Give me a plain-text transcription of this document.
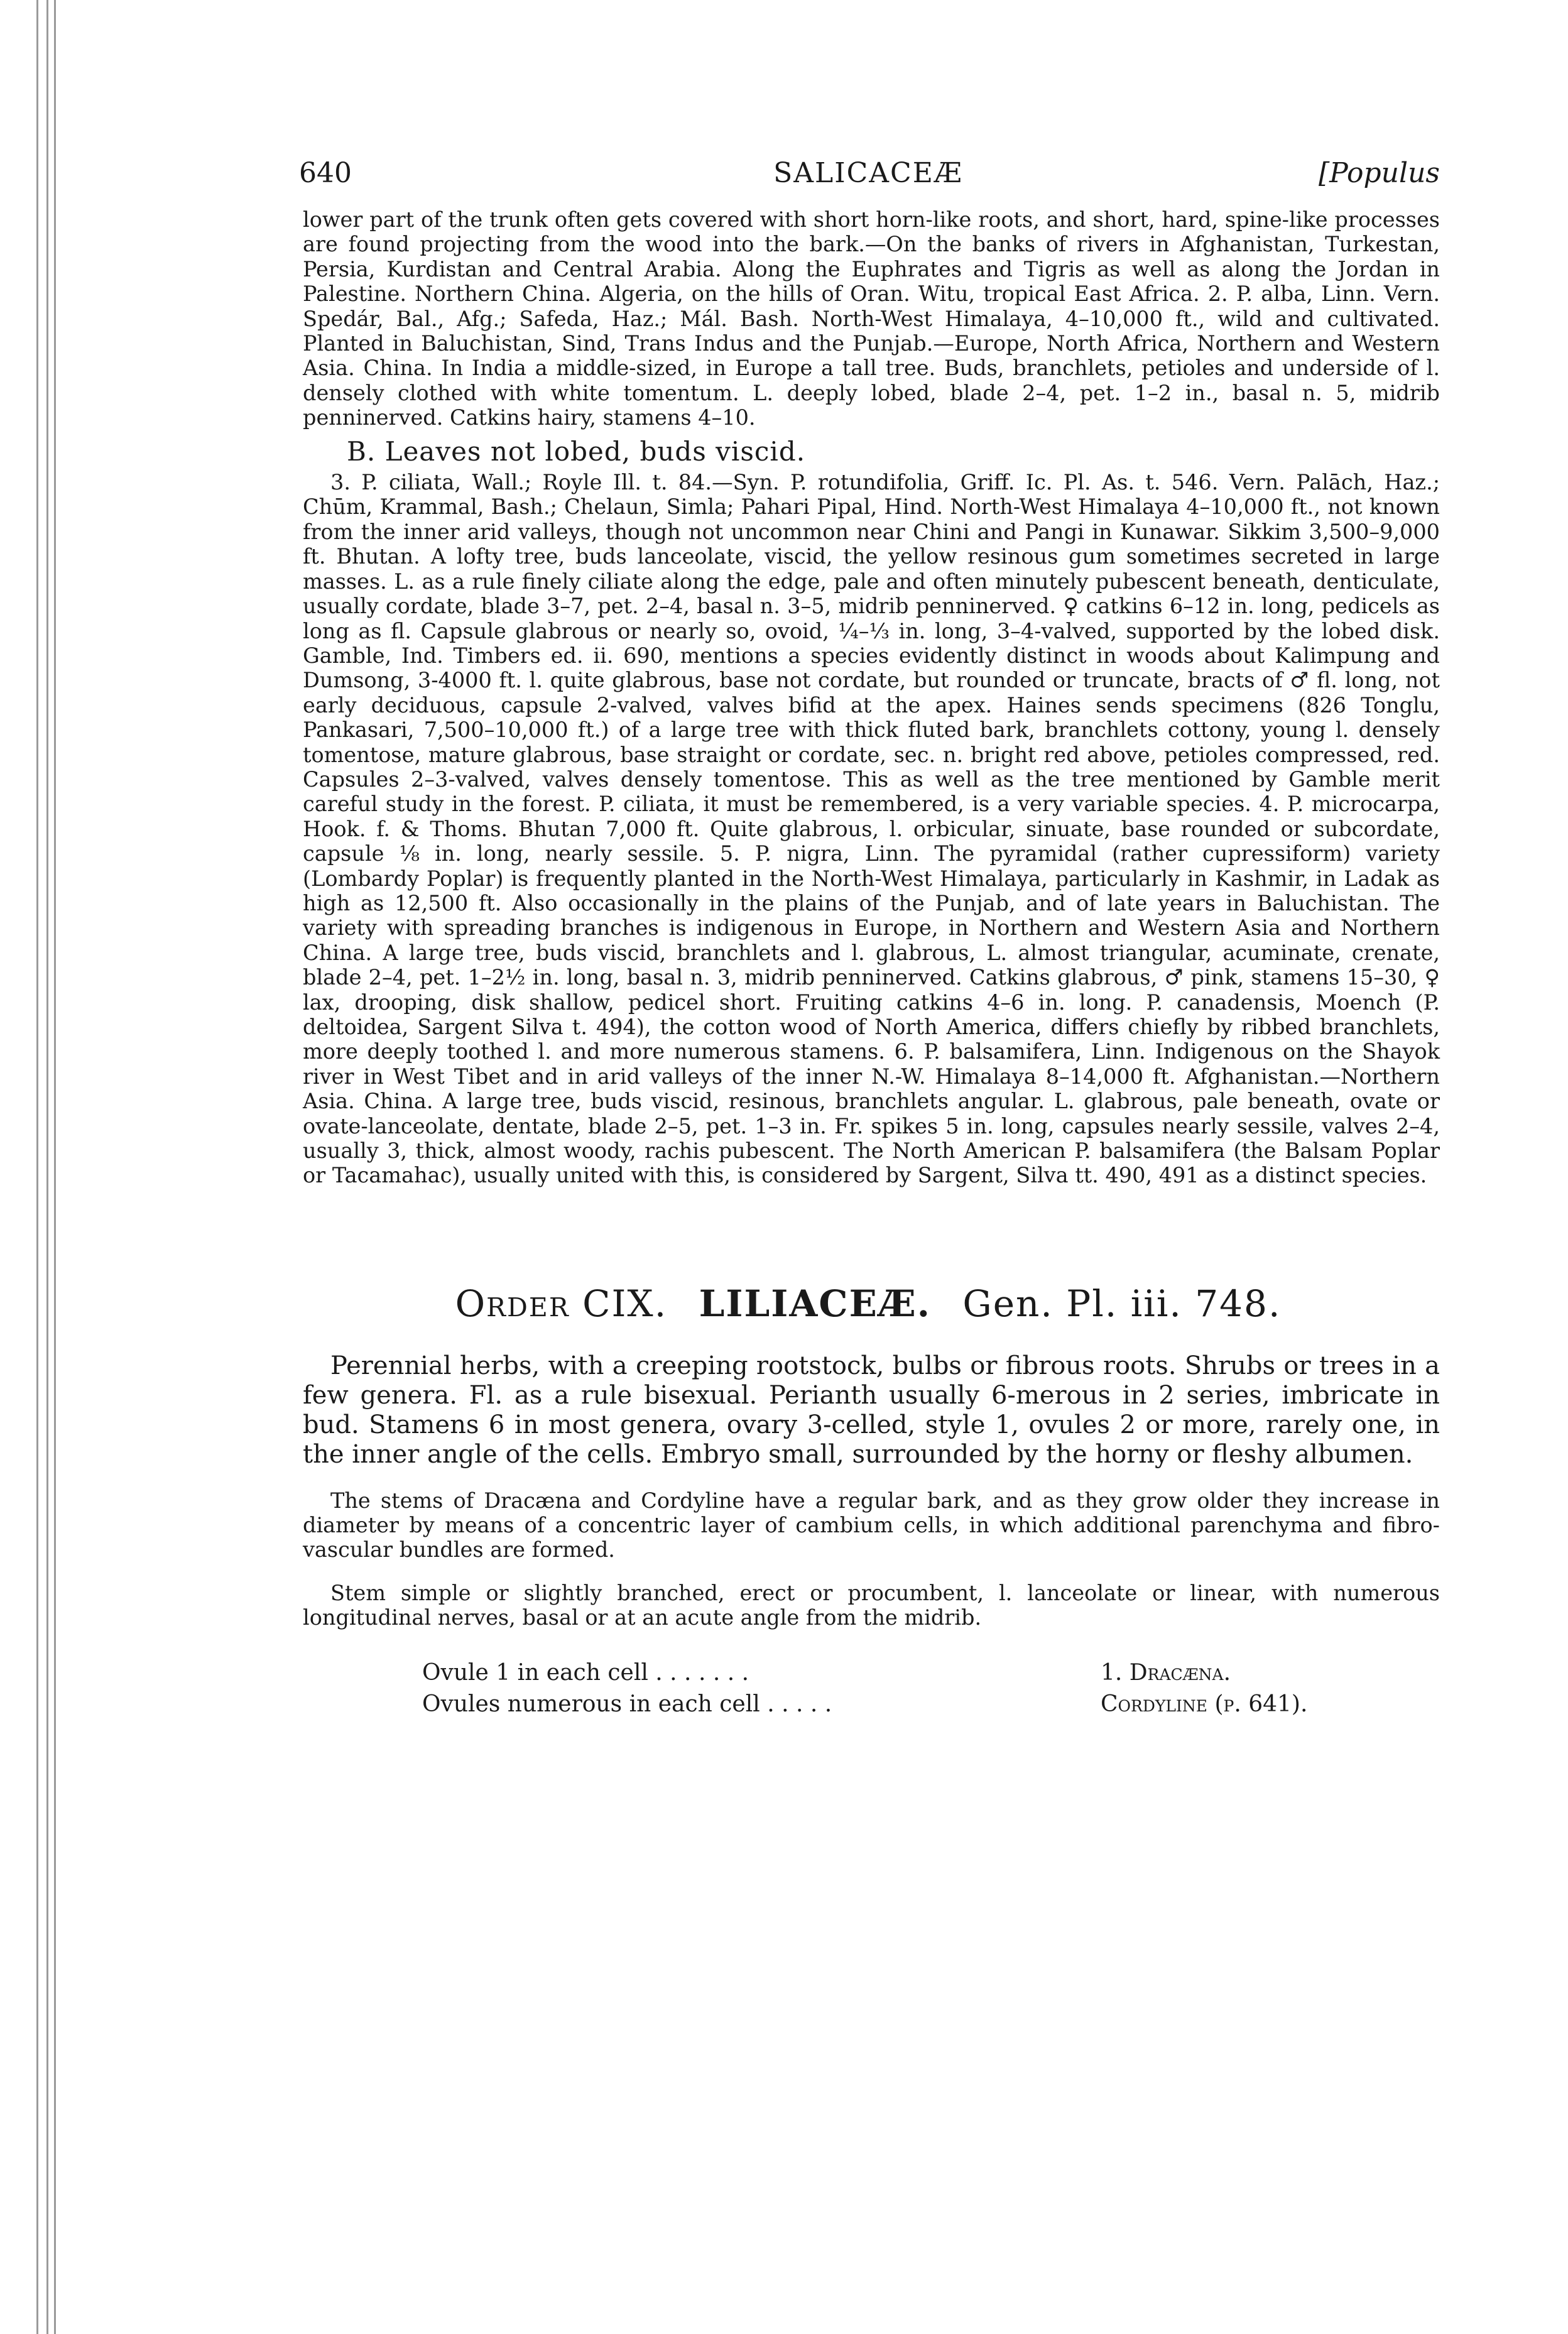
640	SALICACEÆ	[Populus

lower part of the trunk often gets covered with short horn-like roots, and short, hard, spine-like processes are found projecting from the wood into the bark.—On the banks of rivers in Afghanistan, Turkestan, Persia, Kurdistan and Central Arabia. Along the Euphrates and Tigris as well as along the Jordan in Palestine. Northern China. Algeria, on the hills of Oran. Witu, tropical East Africa. 2. P. alba, Linn. Vern. Spedár, Bal., Afg.; Safeda, Haz.; Mál. Bash. North-West Himalaya, 4–10,000 ft., wild and cultivated. Planted in Baluchistan, Sind, Trans Indus and the Punjab.—Europe, North Africa, Northern and Western Asia. China. In India a middle-sized, in Europe a tall tree. Buds, branchlets, petioles and underside of l. densely clothed with white tomentum. L. deeply lobed, blade 2–4, pet. 1–2 in., basal n. 5, midrib penninerved. Catkins hairy, stamens 4–10.

B. Leaves not lobed, buds viscid.

3. P. ciliata, Wall.; Royle Ill. t. 84.—Syn. P. rotundifolia, Griff. Ic. Pl. As. t. 546. Vern. Palāch, Haz.; Chūm, Krammal, Bash.; Chelaun, Simla; Pahari Pipal, Hind. North-West Himalaya 4–10,000 ft., not known from the inner arid valleys, though not uncommon near Chini and Pangi in Kunawar. Sikkim 3,500–9,000 ft. Bhutan. A lofty tree, buds lanceolate, viscid, the yellow resinous gum sometimes secreted in large masses. L. as a rule finely ciliate along the edge, pale and often minutely pubescent beneath, denticulate, usually cordate, blade 3–7, pet. 2–4, basal n. 3–5, midrib penninerved. ♀ catkins 6–12 in. long, pedicels as long as fl. Capsule glabrous or nearly so, ovoid, ¼–⅓ in. long, 3–4-valved, supported by the lobed disk. Gamble, Ind. Timbers ed. ii. 690, mentions a species evidently distinct in woods about Kalimpung and Dumsong, 3-4000 ft. l. quite glabrous, base not cordate, but rounded or truncate, bracts of ♂ fl. long, not early deciduous, capsule 2-valved, valves bifid at the apex. Haines sends specimens (826 Tonglu, Pankasari, 7,500–10,000 ft.) of a large tree with thick fluted bark, branchlets cottony, young l. densely tomentose, mature glabrous, base straight or cordate, sec. n. bright red above, petioles compressed, red. Capsules 2–3-valved, valves densely tomentose. This as well as the tree mentioned by Gamble merit careful study in the forest. P. ciliata, it must be remembered, is a very variable species. 4. P. microcarpa, Hook. f. & Thoms. Bhutan 7,000 ft. Quite glabrous, l. orbicular, sinuate, base rounded or subcordate, capsule ⅛ in. long, nearly sessile. 5. P. nigra, Linn. The pyramidal (rather cupressiform) variety (Lombardy Poplar) is frequently planted in the North-West Himalaya, particularly in Kashmir, in Ladak as high as 12,500 ft. Also occasionally in the plains of the Punjab, and of late years in Baluchistan. The variety with spreading branches is indigenous in Europe, in Northern and Western Asia and Northern China. A large tree, buds viscid, branchlets and l. glabrous, L. almost triangular, acuminate, crenate, blade 2–4, pet. 1–2½ in. long, basal n. 3, midrib penninerved. Catkins glabrous, ♂ pink, stamens 15–30, ♀ lax, drooping, disk shallow, pedicel short. Fruiting catkins 4–6 in. long. P. canadensis, Moench (P. deltoidea, Sargent Silva t. 494), the cotton wood of North America, differs chiefly by ribbed branchlets, more deeply toothed l. and more numerous stamens. 6. P. balsamifera, Linn. Indigenous on the Shayok river in West Tibet and in arid valleys of the inner N.-W. Himalaya 8–14,000 ft. Afghanistan.—Northern Asia. China. A large tree, buds viscid, resinous, branchlets angular. L. glabrous, pale beneath, ovate or ovate-lanceolate, dentate, blade 2–5, pet. 1–3 in. Fr. spikes 5 in. long, capsules nearly sessile, valves 2–4, usually 3, thick, almost woody, rachis pubescent. The North American P. balsamifera (the Balsam Poplar or Tacamahac), usually united with this, is considered by Sargent, Silva tt. 490, 491 as a distinct species.

Order CIX. LILIACEÆ. Gen. Pl. iii. 748.

Perennial herbs, with a creeping rootstock, bulbs or fibrous roots. Shrubs or trees in a few genera. Fl. as a rule bisexual. Perianth usually 6-merous in 2 series, imbricate in bud. Stamens 6 in most genera, ovary 3-celled, style 1, ovules 2 or more, rarely one, in the inner angle of the cells. Embryo small, surrounded by the horny or fleshy albumen.

The stems of Dracæna and Cordyline have a regular bark, and as they grow older they increase in diameter by means of a concentric layer of cambium cells, in which additional parenchyma and fibro-vascular bundles are formed.

Stem simple or slightly branched, erect or procumbent, l. lanceolate or linear, with numerous longitudinal nerves, basal or at an acute angle from the midrib.

Ovule 1 in each cell . . . . . . .	1. Dracæna.
Ovules numerous in each cell . . . . .	Cordyline (p. 641).
